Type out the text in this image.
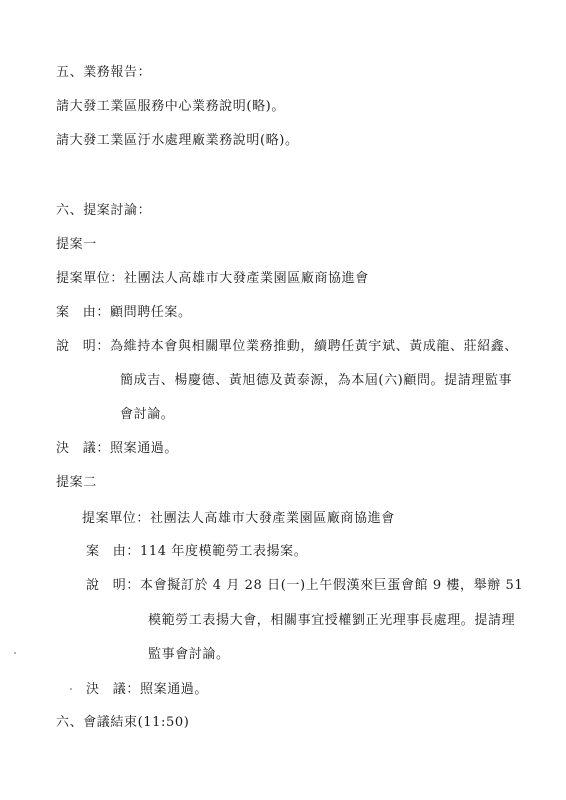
五、業務報告：

請大發工業區服務中心業務說明(略)。

請大發工業區汙水處理廠業務說明(略)。

六、提案討論：

提案一

提案單位：社團法人高雄市大發產業園區廠商協進會

案 由： 顧問聘任案。

說 明： 為維持本會與相關單位業務推動，續聘任黃宇斌、黃成龍、莊紹鑫、

簡成吉、楊慶德、黃旭德及黃泰源，為本屆(六)顧問。提請理監事

會討論。

決 議： 照案通過。

提案二

提案單位：社團法人高雄市大發產業園區廠商協進會

案 由： 114 年度模範勞工表揚案。

說 明： 本會擬訂於 4 月 28 日(一)上午假漢來巨蛋會館 9 樓，舉辦 51

模範勞工表揚大會，相關事宜授權劉正光理事長處理。提請理

監事會討論。

決 議： 照案通過。

六、會議結束(11:50)
